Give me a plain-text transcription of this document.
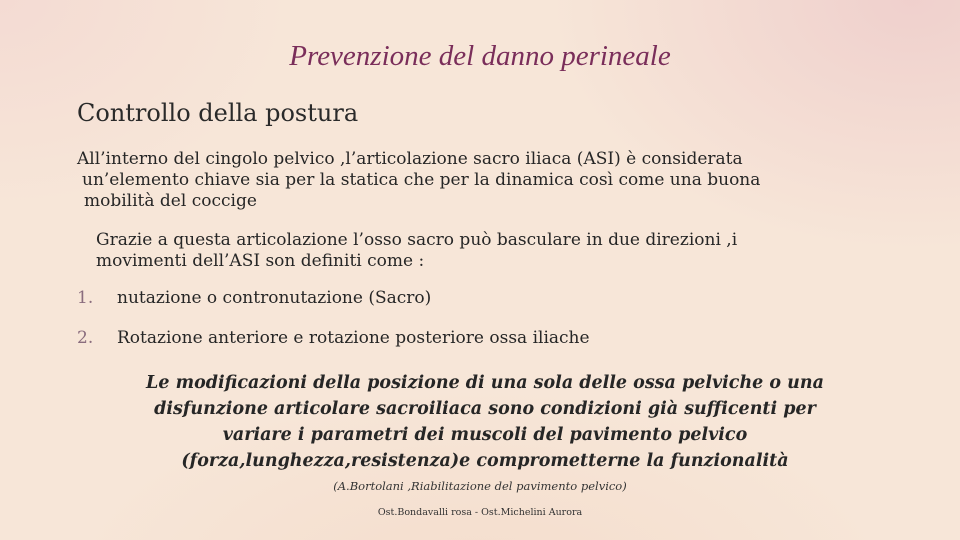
Prevenzione del danno perineale
Controllo della postura

All’interno del cingolo pelvico ,l’articolazione sacro iliaca (ASI) è considerata
un’elemento chiave sia per la statica che per la dinamica così come una buona
mobilità del coccige

Grazie a questa articolazione l’osso sacro può basculare in due direzioni ,i
movimenti dell’ASI son definiti come :

1. nutazione o contronutazione (Sacro)
2. Rotazione anteriore e rotazione posteriore ossa iliache

Le modificazioni della posizione di una sola delle ossa pelviche o una
disfunzione articolare sacroiliaca sono condizioni già sufficenti per
variare i parametri dei muscoli del pavimento pelvico
(forza,lunghezza,resistenza)e comprometterne la funzionalità

(A.Bortolani ,Riabilitazione del pavimento pelvico)

Ost.Bondavalli rosa - Ost.Michelini Aurora
